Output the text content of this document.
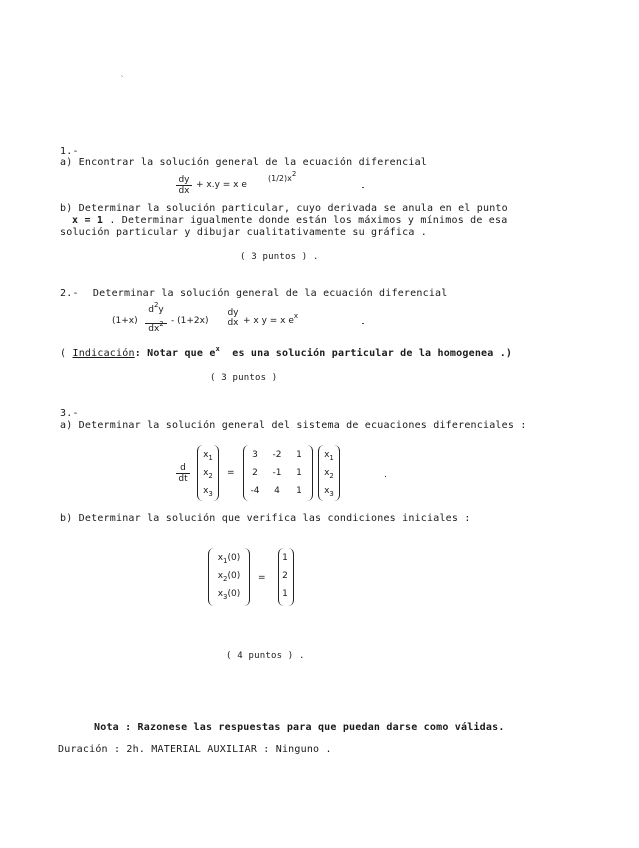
`
1.-
a) Encontrar la solución general de la ecuación diferencial
$\frac{dy}{dx} + x.y = x$ e
(1/2)x2
b) Determinar la solución particular, cuyo derivada se anula en el punto
x = 1 . Determinar igualmente donde están los máximos y mínimos de esa
solución particular y dibujar cualitativamente su gráfica .
( 3 puntos ) .
2.- Determinar la solución general de la ecuación diferencial
$(1+x) \frac{d^2y}{dx^2} - (1+2x)$
dy
dx + x y = x $e^x$
( Indicación: Notar que $e^x$ es una solución particular de la homogenea .)
( 3 puntos )
3.-
a) Determinar la solución general del sistema de ecuaciones diferenciales :
$\frac{d}{dt}$
$x_1$
$x_2$
$x_3$
=
3	-2	1
2	-1	1
-4	4	1
$x_1$
$x_2$
$x_3$
.
b) Determinar la solución que verifica las condiciones iniciales :
$x_1(0)$
$x_2(0)$
$x_3(0)$
=
1
2
1
( 4 puntos ) .
Nota : Razonese las respuestas para que puedan darse como válidas.
Duración : 2h. MATERIAL AUXILIAR : Ninguno .
